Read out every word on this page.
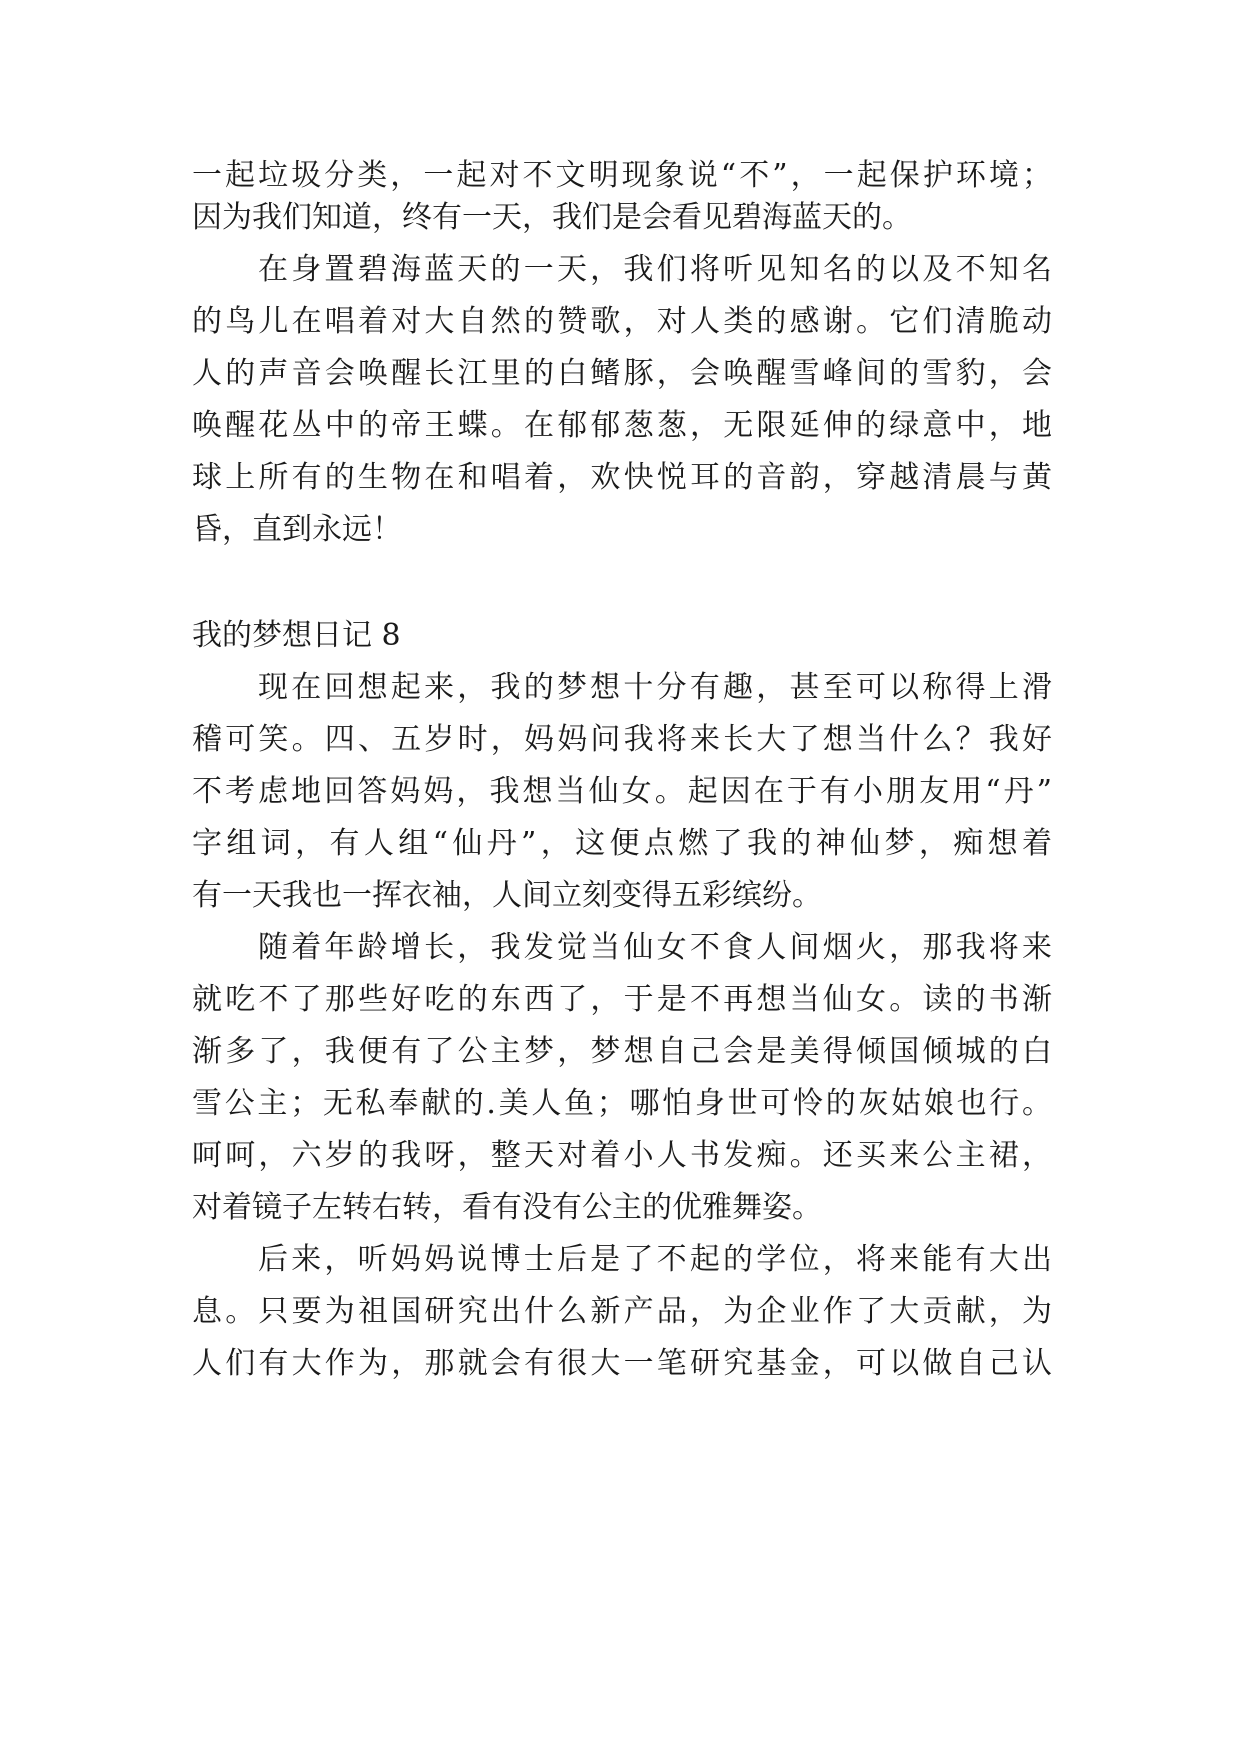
一起垃圾分类，一起对不文明现象说“不”，一起保护环境；

因为我们知道，终有一天，我们是会看见碧海蓝天的。

在身置碧海蓝天的一天，我们将听见知名的以及不知名

的鸟儿在唱着对大自然的赞歌，对人类的感谢。它们清脆动

人的声音会唤醒长江里的白鳍豚，会唤醒雪峰间的雪豹，会

唤醒花丛中的帝王蝶。在郁郁葱葱，无限延伸的绿意中，地

球上所有的生物在和唱着，欢快悦耳的音韵，穿越清晨与黄

昏，直到永远！

我的梦想日记 8

现在回想起来，我的梦想十分有趣，甚至可以称得上滑

稽可笑。四、五岁时，妈妈问我将来长大了想当什么？我好

不考虑地回答妈妈，我想当仙女。起因在于有小朋友用“丹”

字组词，有人组“仙丹”，这便点燃了我的神仙梦，痴想着

有一天我也一挥衣袖，人间立刻变得五彩缤纷。

随着年龄增长，我发觉当仙女不食人间烟火，那我将来

就吃不了那些好吃的东西了，于是不再想当仙女。读的书渐

渐多了，我便有了公主梦，梦想自己会是美得倾国倾城的白

雪公主；无私奉献的.美人鱼；哪怕身世可怜的灰姑娘也行。

呵呵，六岁的我呀，整天对着小人书发痴。还买来公主裙，

对着镜子左转右转，看有没有公主的优雅舞姿。

后来，听妈妈说博士后是了不起的学位，将来能有大出

息。只要为祖国研究出什么新产品，为企业作了大贡献，为

人们有大作为，那就会有很大一笔研究基金，可以做自己认
